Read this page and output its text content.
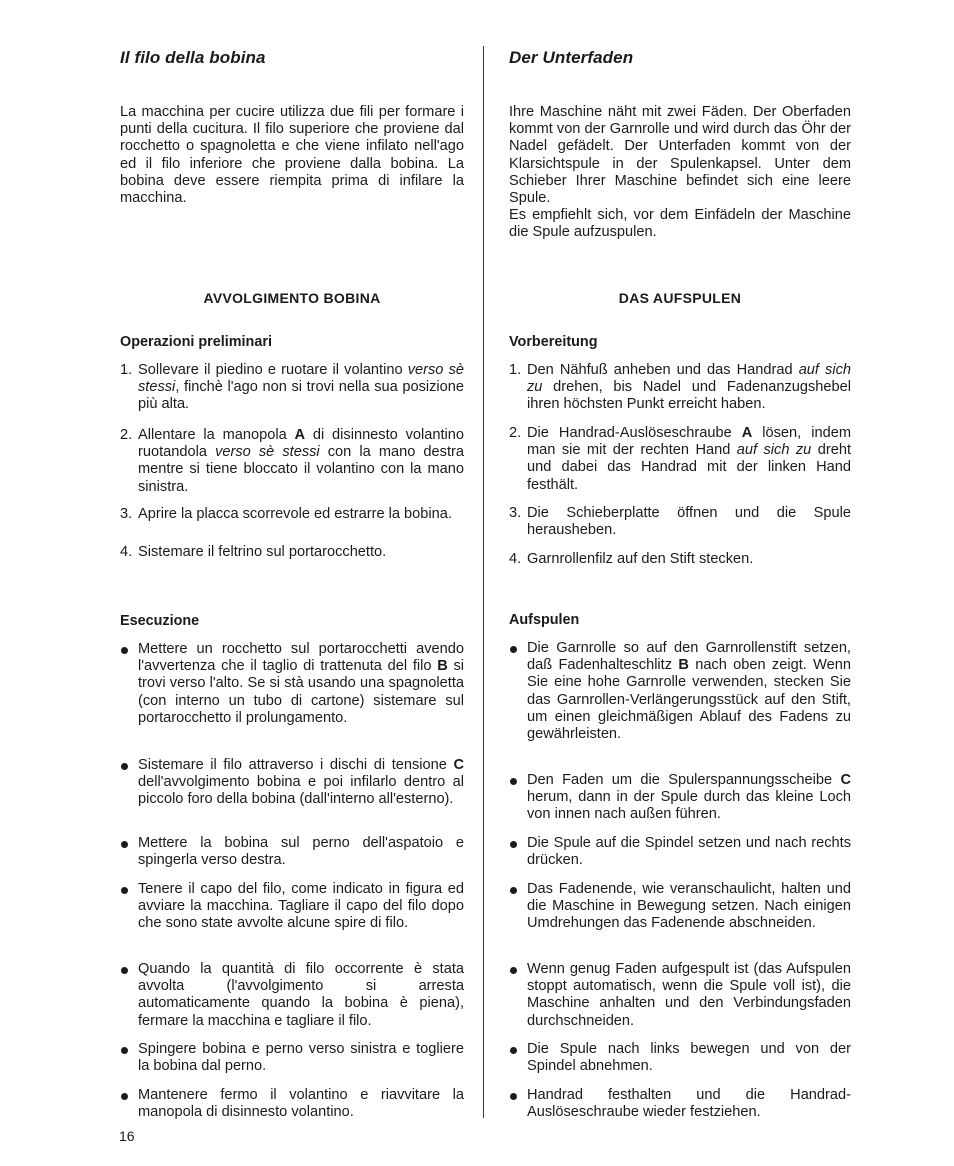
Il filo della bobina

La macchina per cucire utilizza due fili per formare i punti della cucitura. Il filo superiore che proviene dal rocchetto o spagnoletta e che viene infilato nell'ago ed il filo inferiore che proviene dalla bobina. La bobina deve essere riempita prima di infilare la macchina.

AVVOLGIMENTO BOBINA
Operazioni preliminari
1. Sollevare il piedino e ruotare il volantino verso sè stessi, finchè l'ago non si trovi nella sua posizione più alta.
2. Allentare la manopola A di disinnesto volantino ruotandola verso sè stessi con la mano destra mentre si tiene bloccato il volantino con la mano sinistra.
3. Aprire la placca scorrevole ed estrarre la bobina.
4. Sistemare il feltrino sul portarocchetto.
Esecuzione
Mettere un rocchetto sul portarocchetti avendo l'avvertenza che il taglio di trattenuta del filo B si trovi verso l'alto. Se si stà usando una spagnoletta (con interno un tubo di cartone) sistemare sul portarocchetto il prolungamento.
Sistemare il filo attraverso i dischi di tensione C dell'avvolgimento bobina e poi infilarlo dentro al piccolo foro della bobina (dall'interno all'esterno).
Mettere la bobina sul perno dell'aspatoio e spingerla verso destra.
Tenere il capo del filo, come indicato in figura ed avviare la macchina. Tagliare il capo del filo dopo che sono state avvolte alcune spire di filo.
Quando la quantità di filo occorrente è stata avvolta (l'avvolgimento si arresta automaticamente quando la bobina è piena), fermare la macchina e tagliare il filo.
Spingere bobina e perno verso sinistra e togliere la bobina dal perno.
Mantenere fermo il volantino e riavvitare la manopola di disinnesto volantino.
Der Unterfaden

Ihre Maschine näht mit zwei Fäden. Der Oberfaden kommt von der Garnrolle und wird durch das Öhr der Nadel gefädelt. Der Unterfaden kommt von der Klarsichtspule in der Spulenkapsel. Unter dem Schieber Ihrer Maschine befindet sich eine leere Spule.
Es empfiehlt sich, vor dem Einfädeln der Maschine die Spule aufzuspulen.

DAS AUFSPULEN
Vorbereitung
1. Den Nähfuß anheben und das Handrad auf sich zu drehen, bis Nadel und Fadenanzugshebel ihren höchsten Punkt erreicht haben.
2. Die Handrad-Auslöseschraube A lösen, indem man sie mit der rechten Hand auf sich zu dreht und dabei das Handrad mit der linken Hand festhält.
3. Die Schieberplatte öffnen und die Spule herausheben.
4. Garnrollenfilz auf den Stift stecken.
Aufspulen
Die Garnrolle so auf den Garnrollenstift setzen, daß Fadenhalteschlitz B nach oben zeigt. Wenn Sie eine hohe Garnrolle verwenden, stecken Sie das Garnrollen-Verlängerungsstück auf den Stift, um einen gleichmäßigen Ablauf des Fadens zu gewährleisten.
Den Faden um die Spulerspannungsscheibe C herum, dann in der Spule durch das kleine Loch von innen nach außen führen.
Die Spule auf die Spindel setzen und nach rechts drücken.
Das Fadenende, wie veranschaulicht, halten und die Maschine in Bewegung setzen. Nach einigen Umdrehungen das Fadenende abschneiden.
Wenn genug Faden aufgespult ist (das Aufspulen stoppt automatisch, wenn die Spule voll ist), die Maschine anhalten und den Verbindungsfaden durchschneiden.
Die Spule nach links bewegen und von der Spindel abnehmen.
Handrad festhalten und die Handrad-Auslöseschraube wieder festziehen.
16
